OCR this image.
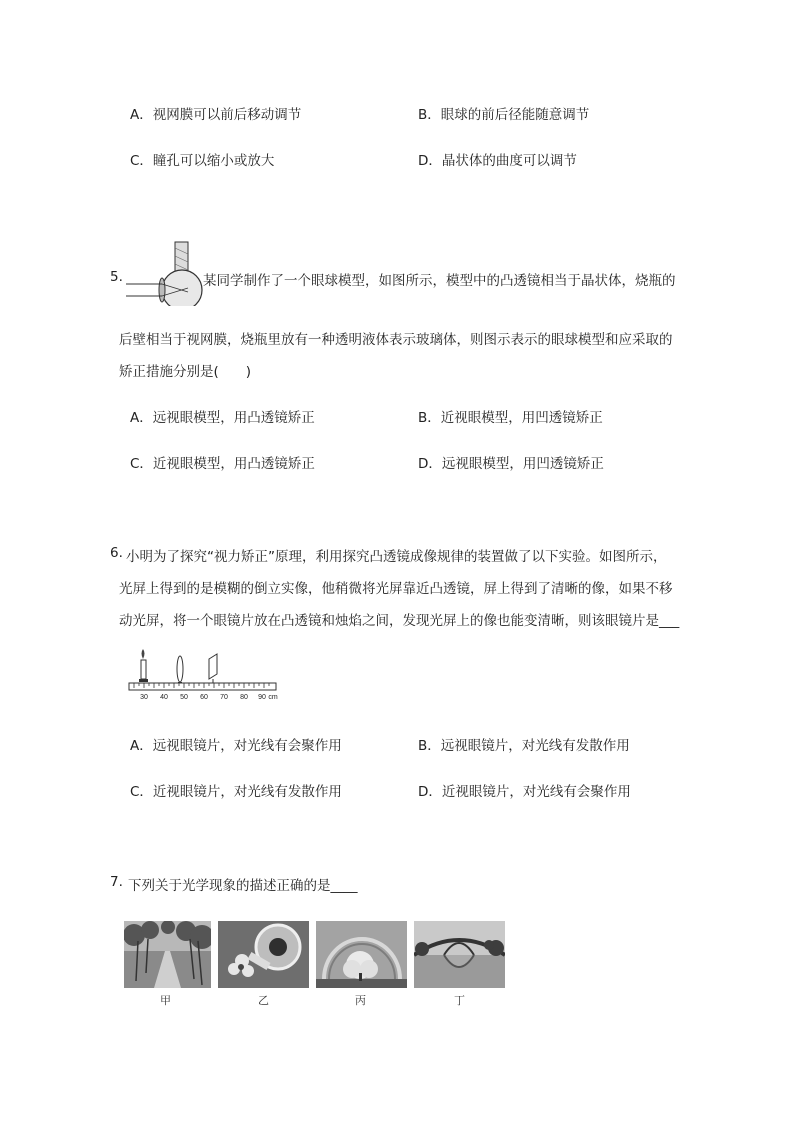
A．视网膜可以前后移动调节	B．眼球的前后径能随意调节
C．瞳孔可以缩小或放大	D．晶状体的曲度可以调节
5.	某同学制作了一个眼球模型，如图所示，模型中的凸透镜相当于晶状体，烧瓶的
后壁相当于视网膜，烧瓶里放有一种透明液体表示玻璃体，则图示表示的眼球模型和应采取的
矫正措施分别是(　　)
A．远视眼模型，用凸透镜矫正	B．近视眼模型，用凹透镜矫正
C．近视眼模型，用凸透镜矫正	D．远视眼模型，用凹透镜矫正
6. 小明为了探究“视力矫正”原理，利用探究凸透镜成像规律的装置做了以下实验。如图所示，
光屏上得到的是模糊的倒立实像，他稍微将光屏靠近凸透镜，屏上得到了清晰的像，如果不移
动光屏，将一个眼镜片放在凸透镜和烛焰之间，发现光屏上的像也能变清晰，则该眼镜片是___
30 40 50 60 70 80 90 cm
A．远视眼镜片，对光线有会聚作用	B．远视眼镜片，对光线有发散作用
C．近视眼镜片，对光线有发散作用	D．近视眼镜片，对光线有会聚作用
7. 下列关于光学现象的描述正确的是____
甲	乙	丙	丁
